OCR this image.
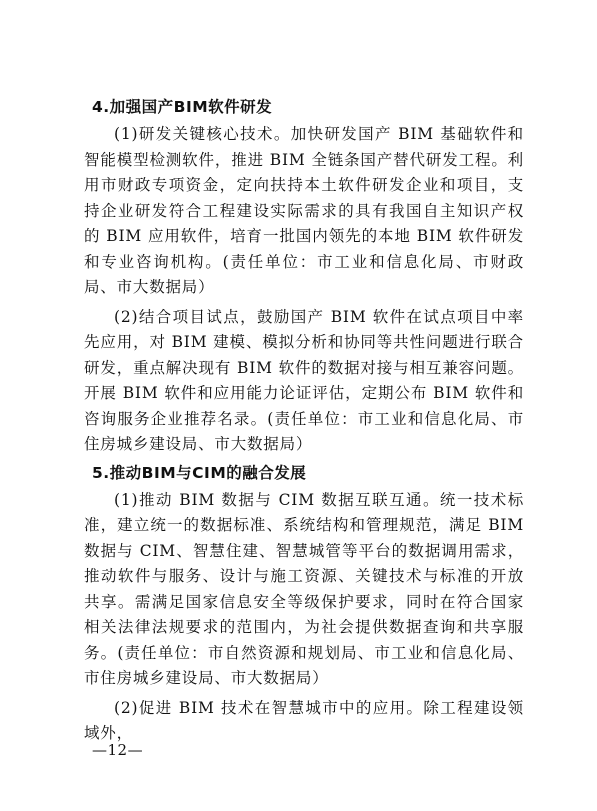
4.加强国产BIM软件研发

(1)研发关键核心技术。加快研发国产 BIM 基础软件和智能模型检测软件，推进 BIM 全链条国产替代研发工程。利用市财政专项资金，定向扶持本土软件研发企业和项目，支持企业研发符合工程建设实际需求的具有我国自主知识产权的 BIM 应用软件，培育一批国内领先的本地 BIM 软件研发和专业咨询机构。(责任单位：市工业和信息化局、市财政局、市大数据局）

(2)结合项目试点，鼓励国产 BIM 软件在试点项目中率先应用，对 BIM 建模、模拟分析和协同等共性问题进行联合研发，重点解决现有 BIM 软件的数据对接与相互兼容问题。开展 BIM 软件和应用能力论证评估，定期公布 BIM 软件和咨询服务企业推荐名录。(责任单位：市工业和信息化局、市住房城乡建设局、市大数据局）

5.推动BIM与CIM的融合发展

(1)推动 BIM 数据与 CIM 数据互联互通。统一技术标准，建立统一的数据标准、系统结构和管理规范，满足 BIM 数据与 CIM、智慧住建、智慧城管等平台的数据调用需求，推动软件与服务、设计与施工资源、关键技术与标准的开放共享。需满足国家信息安全等级保护要求，同时在符合国家相关法律法规要求的范围内，为社会提供数据查询和共享服务。(责任单位：市自然资源和规划局、市工业和信息化局、市住房城乡建设局、市大数据局）

(2)促进 BIM 技术在智慧城市中的应用。除工程建设领域外，

—12—
